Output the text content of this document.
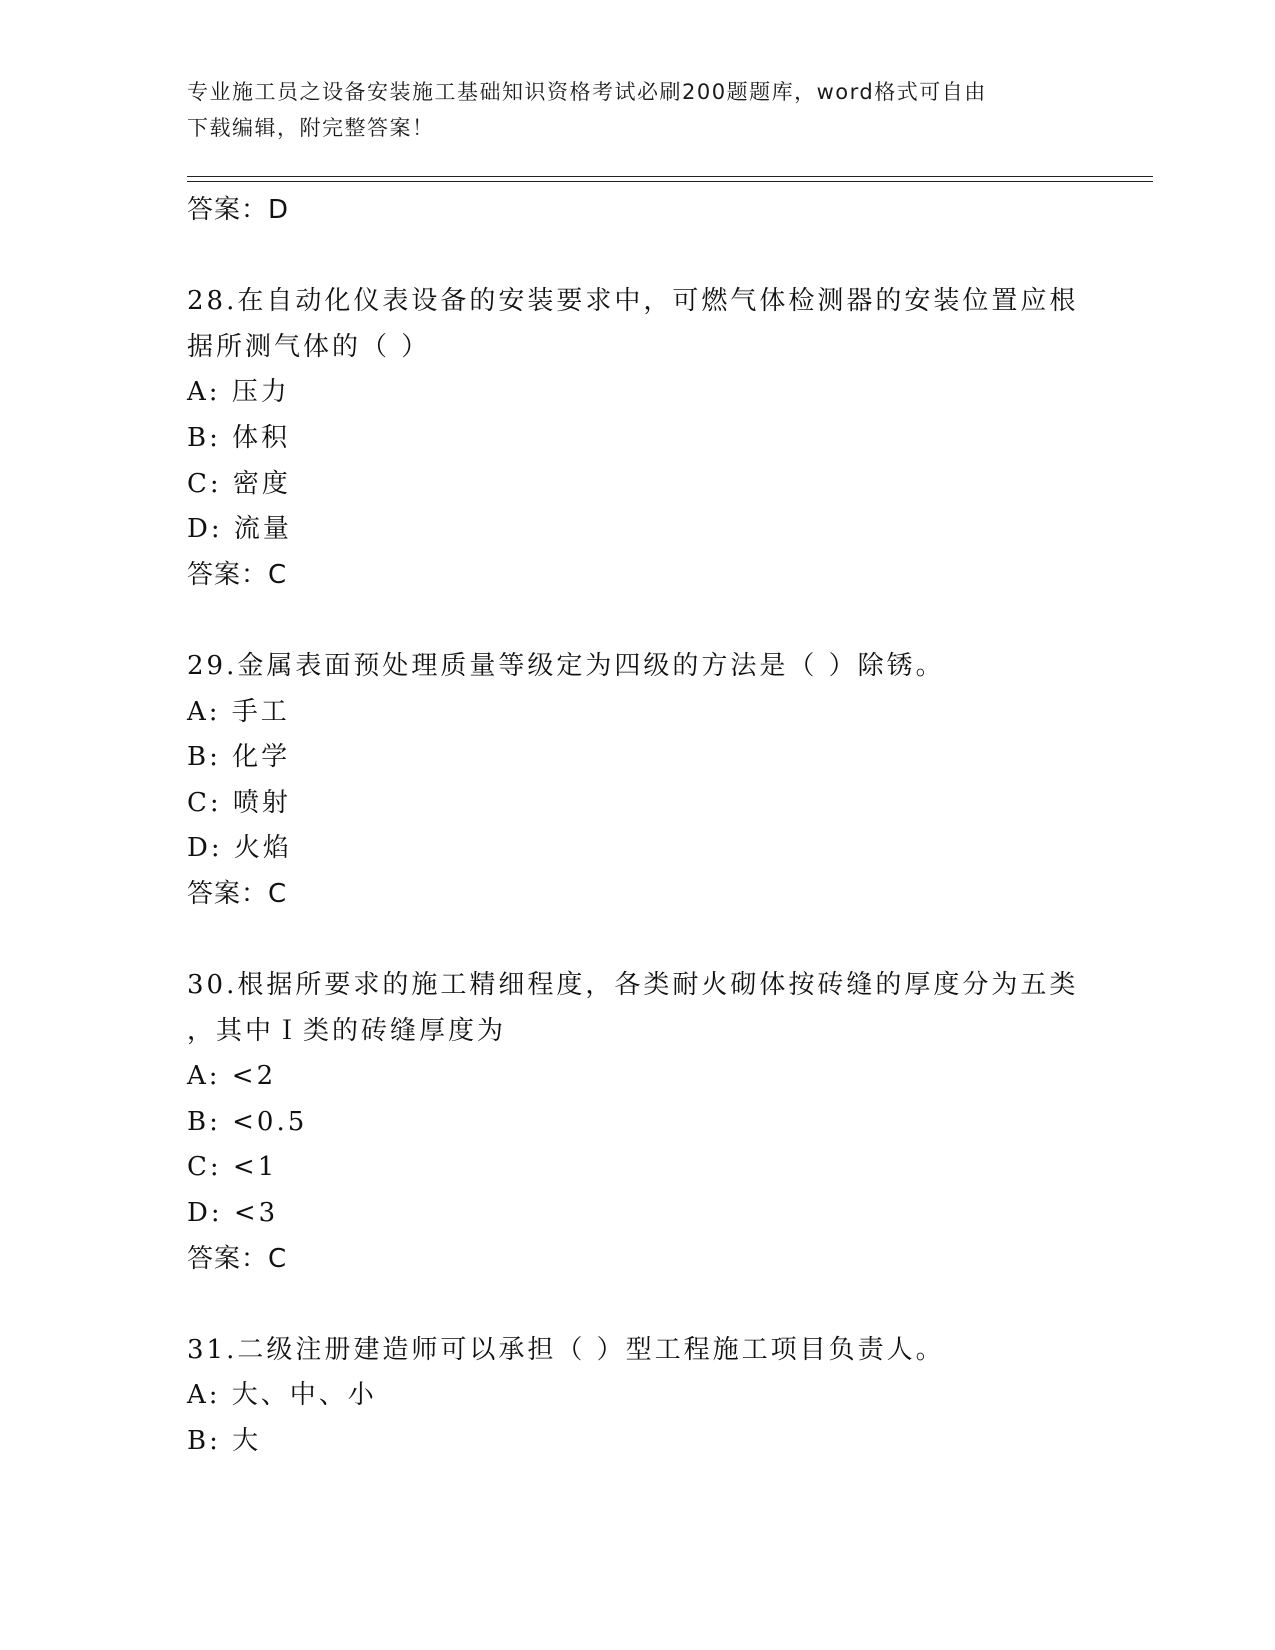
专业施工员之设备安装施工基础知识资格考试必刷200题题库，word格式可自由
下载编辑，附完整答案！
答案：D
28.在自动化仪表设备的安装要求中，可燃气体检测器的安装位置应根
据所测气体的（ ）
A: 压力
B: 体积
C: 密度
D: 流量
答案：C
29.金属表面预处理质量等级定为四级的方法是（ ）除锈。
A: 手工
B: 化学
C: 喷射
D: 火焰
答案：C
30.根据所要求的施工精细程度，各类耐火砌体按砖缝的厚度分为五类
，其中Ｉ类的砖缝厚度为
A: <2
B: <0.5
C: <1
D: <3
答案：C
31.二级注册建造师可以承担（ ）型工程施工项目负责人。
A: 大、中、小
B: 大
